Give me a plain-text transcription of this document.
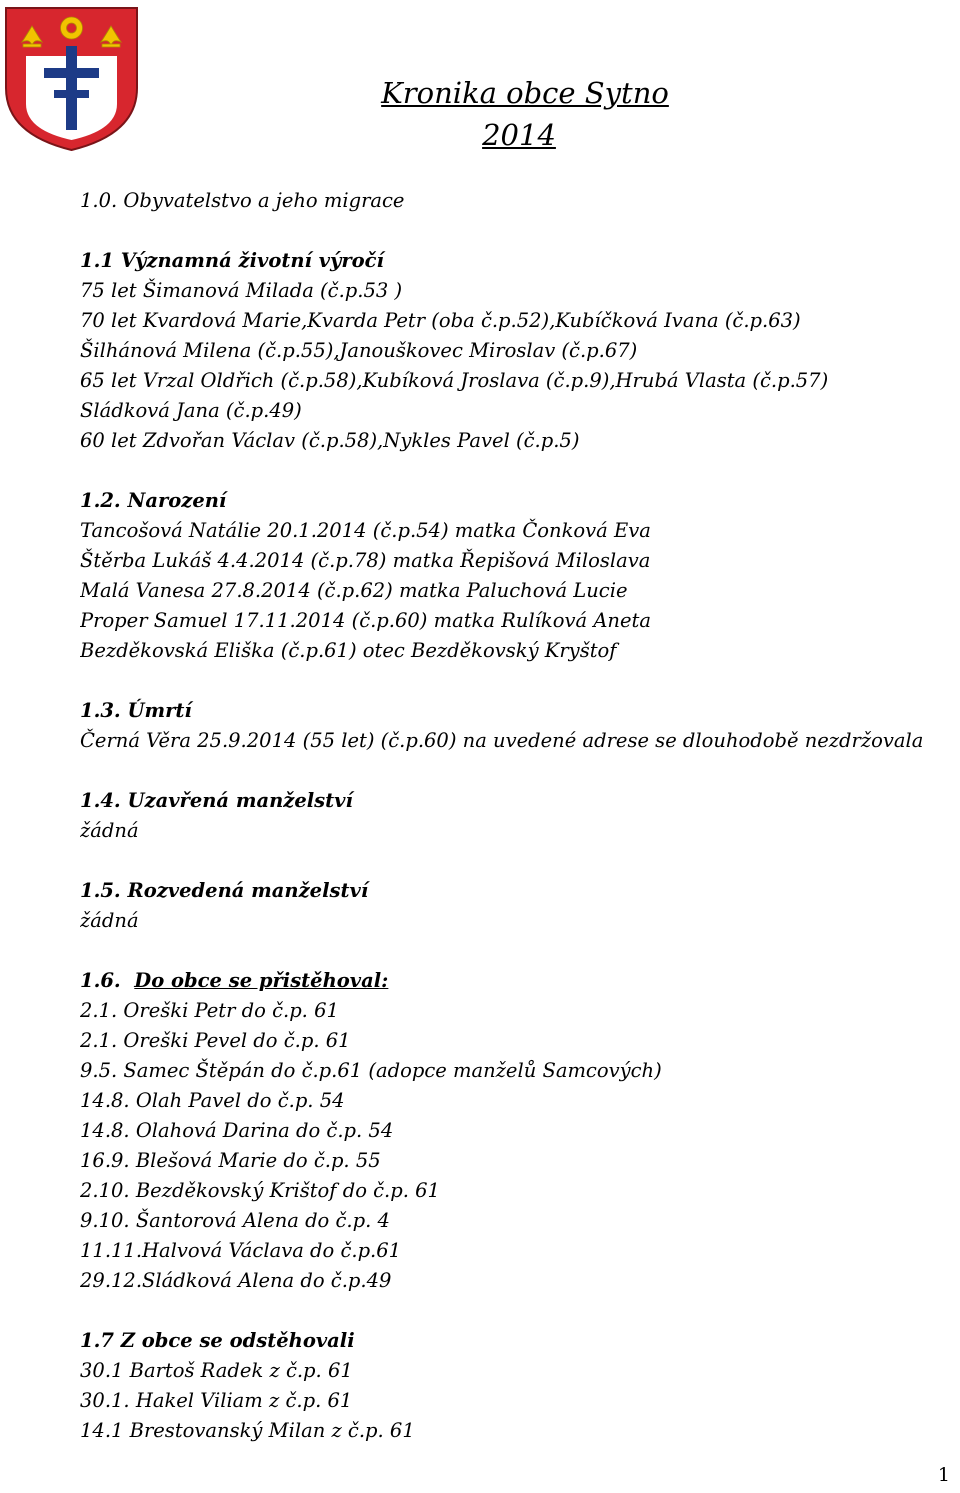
Kronika obce Sytno
2014
1.0. Obyvatelstvo a jeho migrace
1.1 Významná životní výročí
75 let Šimanová Milada (č.p.53 )
70 let Kvardová Marie,Kvarda Petr (oba č.p.52),Kubíčková Ivana (č.p.63)
Šilhánová Milena (č.p.55),Janouškovec Miroslav (č.p.67)
65 let Vrzal Oldřich (č.p.58),Kubíková Jroslava (č.p.9),Hrubá Vlasta (č.p.57)
Sládková Jana (č.p.49)
60 let Zdvořan Václav (č.p.58),Nykles Pavel (č.p.5)
1.2. Narození
Tancošová Natálie 20.1.2014 (č.p.54) matka Čonková Eva
Štěrba Lukáš 4.4.2014 (č.p.78) matka Řepišová Miloslava
Malá Vanesa 27.8.2014 (č.p.62) matka Paluchová Lucie
Proper Samuel 17.11.2014 (č.p.60) matka Rulíková Aneta
Bezděkovská Eliška (č.p.61) otec Bezděkovský Kryštof
1.3. Úmrtí
Černá Věra 25.9.2014 (55 let) (č.p.60) na uvedené adrese se dlouhodobě nezdržovala
1.4. Uzavřená manželství
žádná
1.5. Rozvedená manželství
žádná
1.6. Do obce se přistěhoval:
2.1. Oreški Petr do č.p. 61
2.1. Oreški Pevel do č.p. 61
9.5. Samec Štěpán do č.p.61 (adopce manželů Samcových)
14.8. Olah Pavel do č.p. 54
14.8. Olahová Darina do č.p. 54
16.9. Blešová Marie do č.p. 55
2.10. Bezděkovský Krištof do č.p. 61
9.10. Šantorová Alena do č.p. 4
11.11.Halvová Václava do č.p.61
29.12.Sládková Alena do č.p.49
1.7 Z obce se odstěhovali
30.1 Bartoš Radek z č.p. 61
30.1. Hakel Viliam z č.p. 61
14.1 Brestovanský Milan z č.p. 61
1
